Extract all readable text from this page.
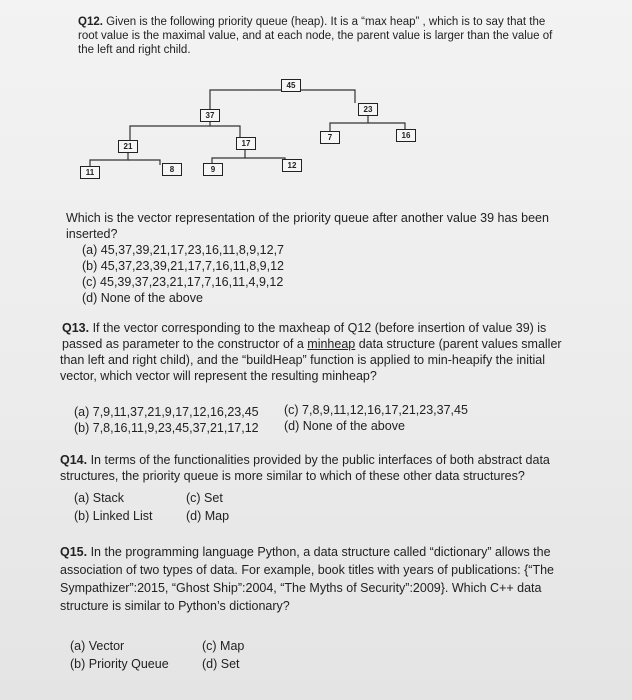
Q12. Given is the following priority queue (heap). It is a “max heap” , which is to say that the
root value is the maximal value, and at each node, the parent value is larger than the value of
the left and right child.
45
37
23
21	17
7	16
11	8	9	12
Which is the vector representation of the priority queue after another value 39 has been
inserted?
(a) 45,37,39,21,17,23,16,11,8,9,12,7
(b) 45,37,23,39,21,17,7,16,11,8,9,12
(c) 45,39,37,23,21,17,7,16,11,4,9,12
(d) None of the above
Q13. If the vector corresponding to the maxheap of Q12 (before insertion of value 39) is
passed as parameter to the constructor of a minheap data structure (parent values smaller
than left and right child), and the “buildHeap” function is applied to min-heapify the initial
vector, which vector will represent the resulting minheap?
(a) 7,9,11,37,21,9,17,12,16,23,45 (c) 7,8,9,11,12,16,17,21,23,37,45
(b) 7,8,16,11,9,23,45,37,21,17,12 (d) None of the above
Q14. In terms of the functionalities provided by the public interfaces of both abstract data
structures, the priority queue is more similar to which of these other data structures?
(a) Stack	(c) Set
(b) Linked List	(d) Map
Q15. In the programming language Python, a data structure called “dictionary” allows the
association of two types of data. For example, book titles with years of publications: {“The
Sympathizer”:2015, “Ghost Ship”:2004, “The Myths of Security”:2009}. Which C++ data
structure is similar to Python’s dictionary?
(a) Vector	(c) Map
(b) Priority Queue	(d) Set
